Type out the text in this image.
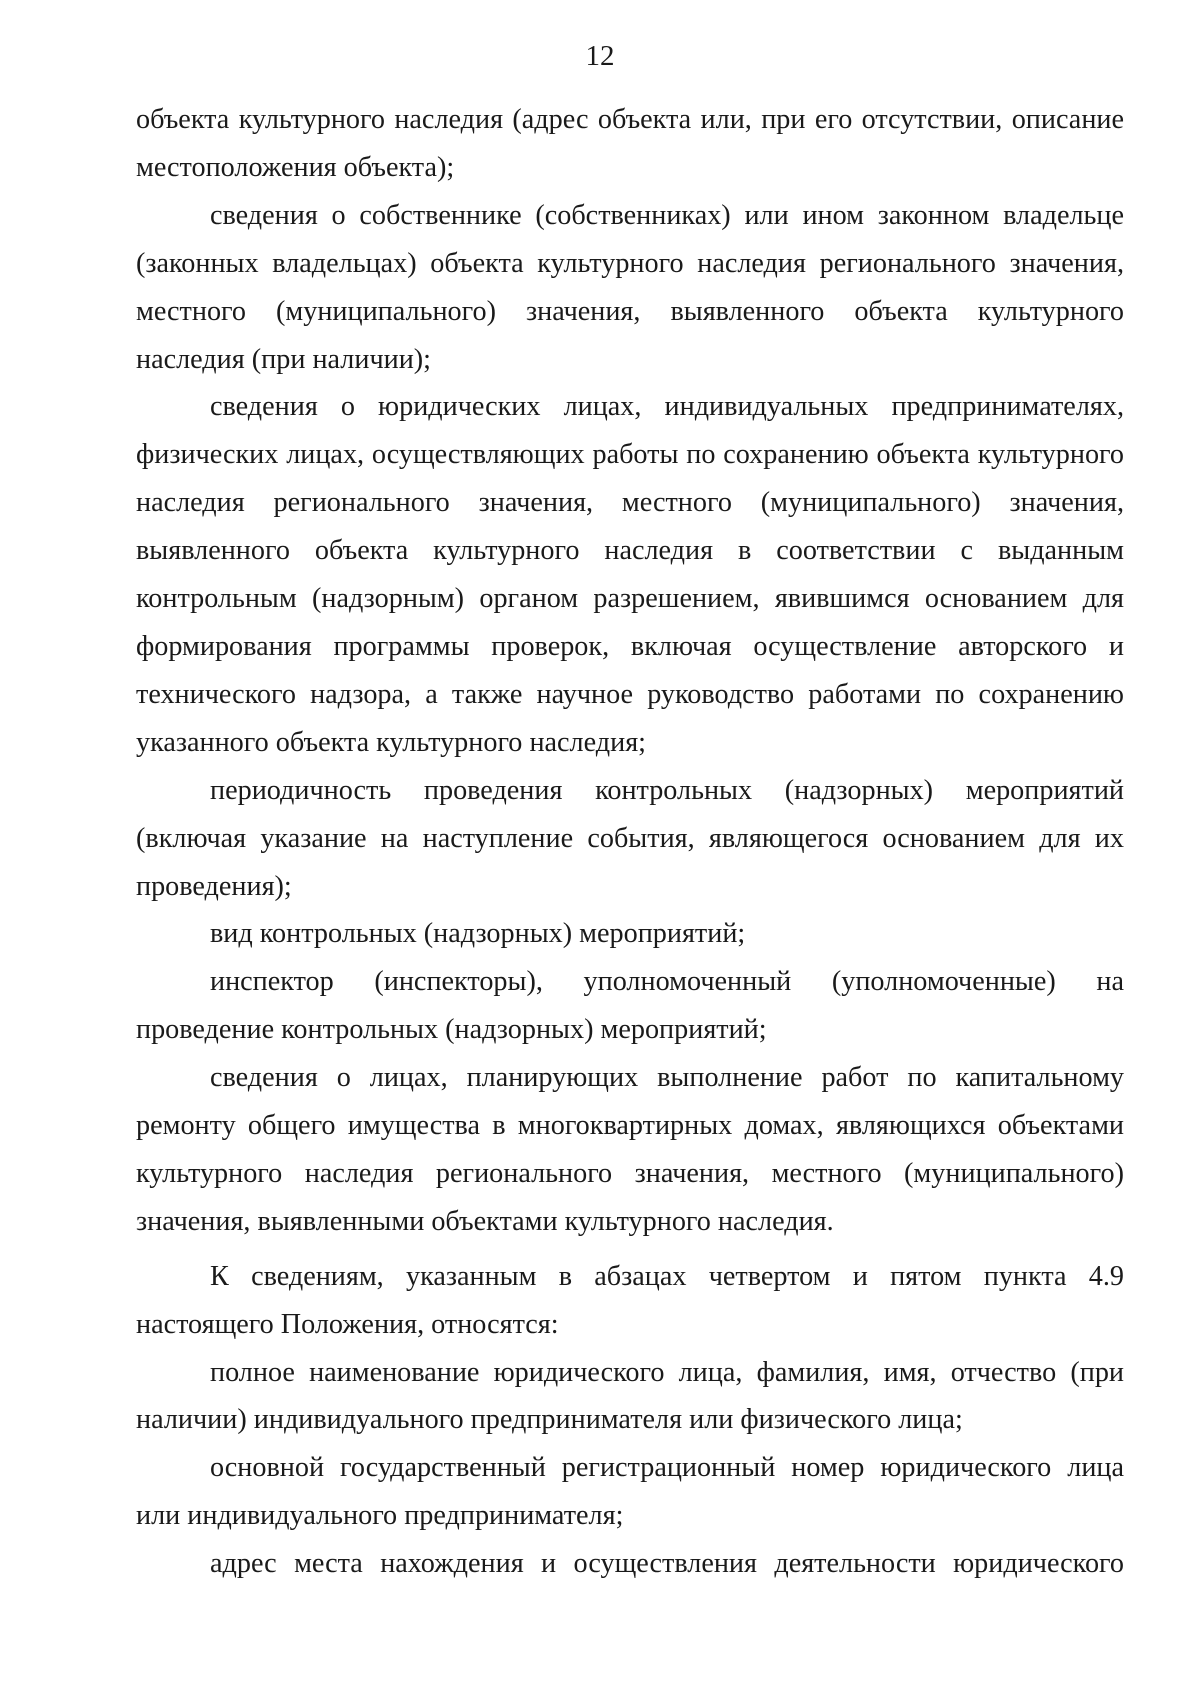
12

объекта культурного наследия (адрес объекта или, при его отсутствии, описание местоположения объекта);

сведения о собственнике (собственниках) или ином законном владельце (законных владельцах) объекта культурного наследия регионального значения, местного (муниципального) значения, выявленного объекта культурного наследия (при наличии);

сведения о юридических лицах, индивидуальных предпринимателях, физических лицах, осуществляющих работы по сохранению объекта культурного наследия регионального значения, местного (муниципального) значения, выявленного объекта культурного наследия в соответствии с выданным контрольным (надзорным) органом разрешением, явившимся основанием для формирования программы проверок, включая осуществление авторского и технического надзора, а также научное руководство работами по сохранению указанного объекта культурного наследия;

периодичность проведения контрольных (надзорных) мероприятий (включая указание на наступление события, являющегося основанием для их проведения);

вид контрольных (надзорных) мероприятий;

инспектор (инспекторы), уполномоченный (уполномоченные) на проведение контрольных (надзорных) мероприятий;

сведения о лицах, планирующих выполнение работ по капитальному ремонту общего имущества в многоквартирных домах, являющихся объектами культурного наследия регионального значения, местного (муниципального) значения, выявленными объектами культурного наследия.

К сведениям, указанным в абзацах четвертом и пятом пункта 4.9 настоящего Положения, относятся:

полное наименование юридического лица, фамилия, имя, отчество (при наличии) индивидуального предпринимателя или физического лица;

основной государственный регистрационный номер юридического лица или индивидуального предпринимателя;

адрес места нахождения и осуществления деятельности юридического
